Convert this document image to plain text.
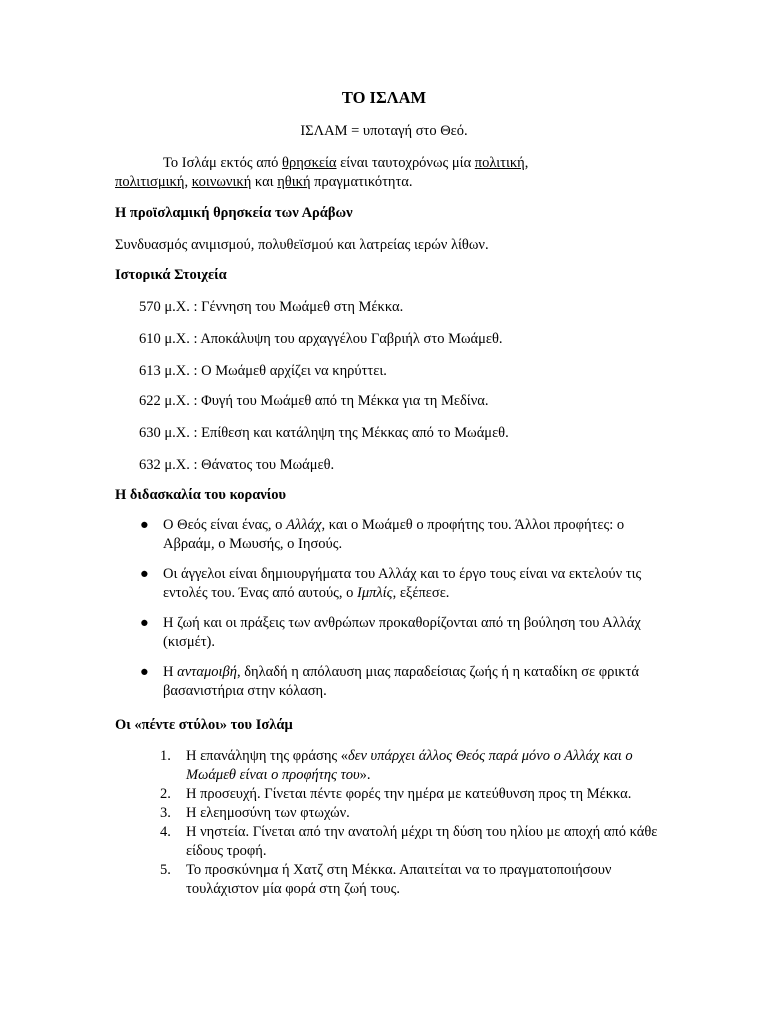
ΤΟ ΙΣΛΑΜ

ΙΣΛΑΜ = υποταγή στο Θεό.

Το Ισλάμ εκτός από θρησκεία είναι ταυτοχρόνως μία πολιτική,
πολιτισμική, κοινωνική και ηθική πραγματικότητα.

Η προϊσλαμική θρησκεία των Αράβων

Συνδυασμός ανιμισμού, πολυθεϊσμού και λατρείας ιερών λίθων.

Ιστορικά Στοιχεία

570 μ.Χ. : Γέννηση του Μωάμεθ στη Μέκκα.

610 μ.Χ. : Αποκάλυψη του αρχαγγέλου Γαβριήλ στο Μωάμεθ.

613 μ.Χ. : Ο Μωάμεθ αρχίζει να κηρύττει.

622 μ.Χ. : Φυγή του Μωάμεθ από τη Μέκκα για τη Μεδίνα.

630 μ.Χ. : Επίθεση και κατάληψη της Μέκκας από το Μωάμεθ.

632 μ.Χ. : Θάνατος του Μωάμεθ.

Η διδασκαλία του κορανίου
● Ο Θεός είναι ένας, ο Αλλάχ, και ο Μωάμεθ ο προφήτης του. Άλλοι προφήτες: ο Αβραάμ, ο Μωυσής, ο Ιησούς.
● Οι άγγελοι είναι δημιουργήματα του Αλλάχ και το έργο τους είναι να εκτελούν τις εντολές του. Ένας από αυτούς, ο Ιμπλίς, εξέπεσε.
● Η ζωή και οι πράξεις των ανθρώπων προκαθορίζονται από τη βούληση του Αλλάχ (κισμέτ).
● Η ανταμοιβή, δηλαδή η απόλαυση μιας παραδείσιας ζωής ή η καταδίκη σε φρικτά βασανιστήρια στην κόλαση.
Οι «πέντε στύλοι» του Ισλάμ
1. Η επανάληψη της φράσης «δεν υπάρχει άλλος Θεός παρά μόνο ο Αλλάχ και ο Μωάμεθ είναι ο προφήτης του».
2. Η προσευχή. Γίνεται πέντε φορές την ημέρα με κατεύθυνση προς τη Μέκκα.
3. Η ελεημοσύνη των φτωχών.
4. Η νηστεία. Γίνεται από την ανατολή μέχρι τη δύση του ηλίου με αποχή από κάθε είδους τροφή.
5. Το προσκύνημα ή Χατζ στη Μέκκα. Απαιτείται να το πραγματοποιήσουν τουλάχιστον μία φορά στη ζωή τους.
